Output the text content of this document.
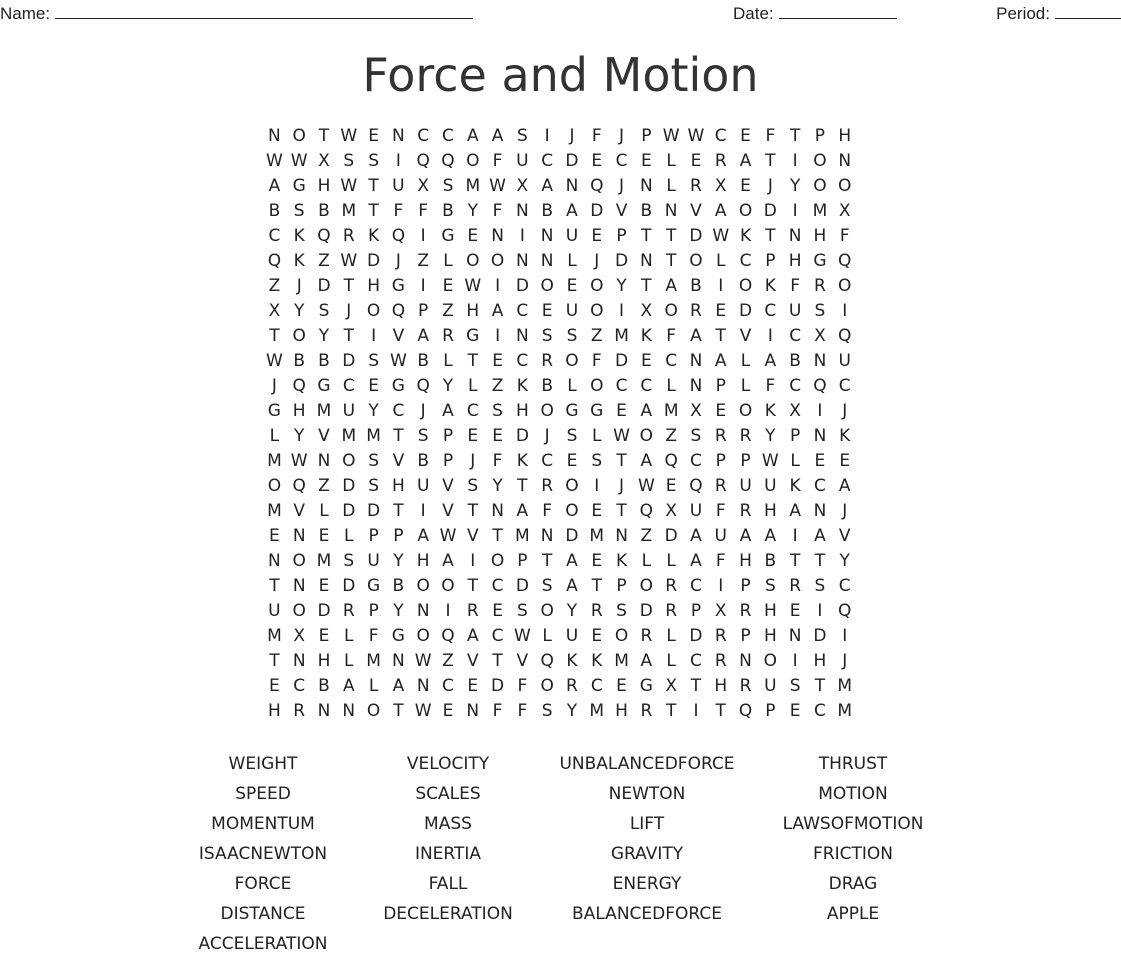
Name:	Date:	Period:
Force and Motion
N O T W E N C C A A S I	J	F	J	P W W C E F T P H
W W X S S I Q Q O F U C D E C E L E R A T	I O N
A G H W T U X S M W X A N Q J N L R X E J	Y O O
B S B M T F F B Y F N B A D V B N V A O D I M X
C K Q R K Q I G E N I N U E P T T D W K T N H F
Q K Z W D J Z L O O N N L	J D N T O L C P H G Q
Z J D T H G I E W I D O E O Y T A B I O K F R O
X Y S J O Q P Z H A C E U O I X O R E D C U S I
T O Y T	I V A R G I N S S Z M K F A T V I C X Q
W B B D S W B L T E C R O F D E C N A L A B N U
J Q G C E G Q Y L Z K B L O C C L N P L F C Q C
G H M U Y C J A C S H O G G E A M X E O K X I	J
L Y V M M T S P E E D J S L W O Z S R R Y P N K
M W N O S V B P	J	F K C E S T A Q C P P W L E E
O Q Z D S H U V S Y T R O I	J W E Q R U U K C A
M V L D D T	I V T N A F O E T Q X U F R H A N J
E N E L P P A W V T M N D M N Z D A U A A I A V
N O M S U Y H A I O P T A E K L L A F H B T T Y
T N E D G B O O T C D S A T P O R C I	P S R S C
U O D R P Y N I R E S O Y R S D R P X R H E I Q
M X E L F G O Q A C W L U E O R L D R P H N D I
T N H L M N W Z V T V Q K K M A L C R N O I H J
E C B A L A N C E D F O R C E G X T H R U S T M
H R N N O T W E N F F S Y M H R T	I	T Q P E C M
WEIGHT
SPEED
MOMENTUM
ISAACNEWTON
FORCE
DISTANCE
ACCELERATION
VELOCITY
SCALES
MASS
INERTIA
FALL
DECELERATION
UNBALANCEDFORCE
NEWTON
LIFT
GRAVITY
ENERGY
BALANCEDFORCE
THRUST
MOTION
LAWSOFMOTION
FRICTION
DRAG
APPLE
